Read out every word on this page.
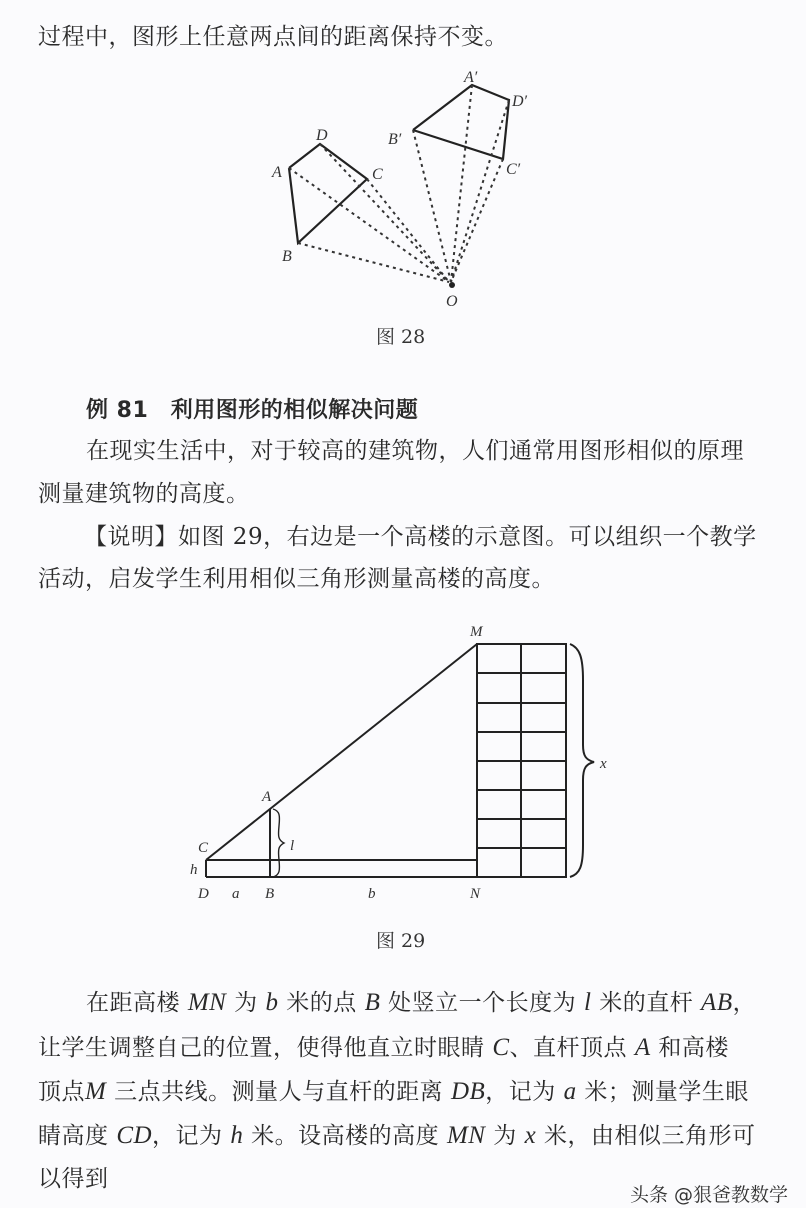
过程中，图形上任意两点间的距离保持不变。
A
D
C
B
A′
D′
B′
C′
O
图 28
例 81　利用图形的相似解决问题
在现实生活中，对于较高的建筑物，人们通常用图形相似的原理
测量建筑物的高度。
【说明】如图 29，右边是一个高楼的示意图。可以组织一个教学
活动，启发学生利用相似三角形测量高楼的高度。
M
A
C
h
D a B	b	N
l
x
图 29
在距高楼 MN 为 b 米的点 B 处竖立一个长度为 l 米的直杆 AB，
让学生调整自己的位置，使得他直立时眼睛 C、直杆顶点 A 和高楼
顶点M 三点共线。测量人与直杆的距离 DB，记为 a 米；测量学生眼
睛高度 CD，记为 h 米。设高楼的高度 MN 为 x 米，由相似三角形可
以得到
头条 @狠爸教数学
